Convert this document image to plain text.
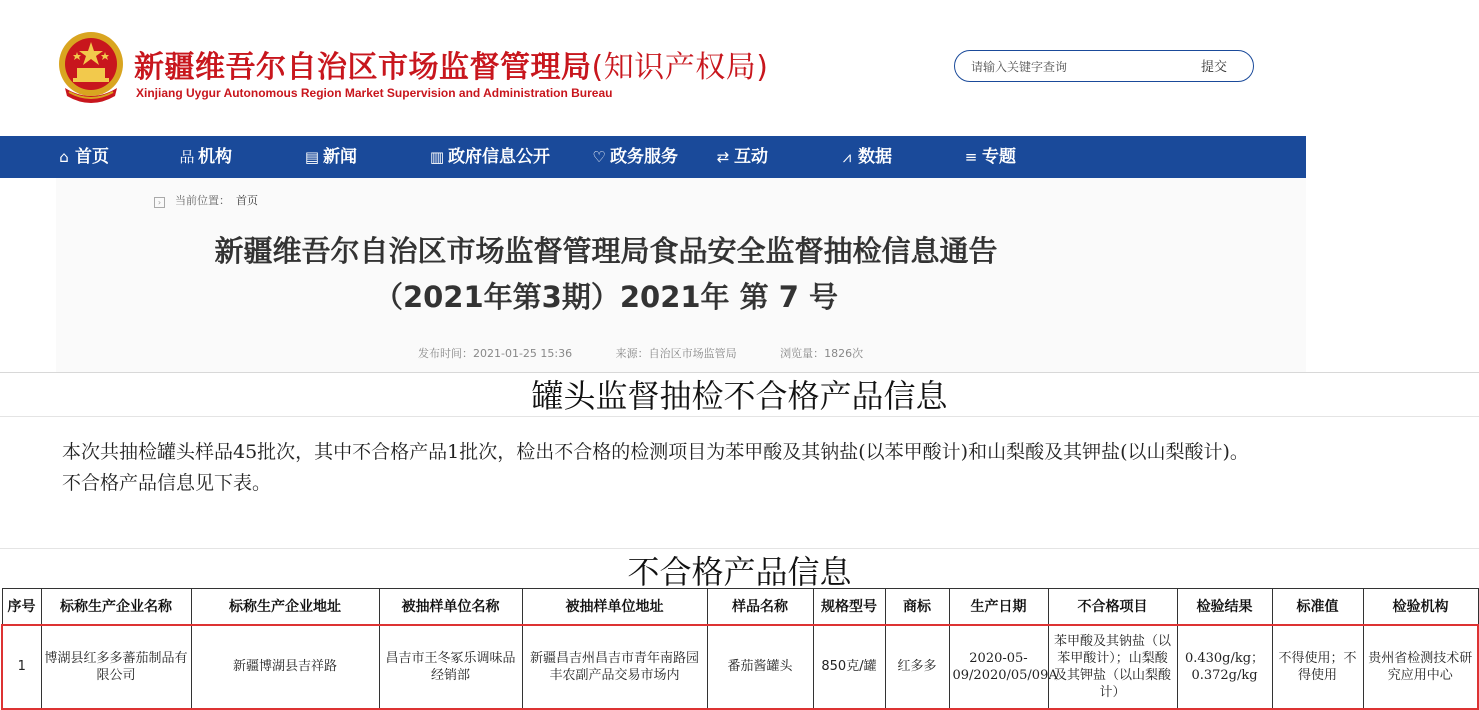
新疆维吾尔自治区市场监督管理局(知识产权局)
Xinjiang Uygur Autonomous Region Market Supervision and Administration Bureau
请输入关键字查询
提交
⌂ 首页	品 机构	▤ 新闻	▥ 政府信息公开	♡ 政务服务	⇄ 互动	⩘ 数据	≡ 专题
› 当前位置： 首页
新疆维吾尔自治区市场监督管理局食品安全监督抽检信息通告
（2021年第3期）2021年 第 7 号
发布时间：2021-01-25 15:36	来源：自治区市场监管局	浏览量：1826次
罐头监督抽检不合格产品信息

本次共抽检罐头样品45批次，其中不合格产品1批次，检出不合格的检测项目为苯甲酸及其钠盐(以苯甲酸计)和山梨酸及其钾盐(以山梨酸计)。

不合格产品信息见下表。

不合格产品信息
序号	标称生产企业名称	标称生产企业地址	被抽样单位名称	被抽样单位地址	样品名称	规格型号	商标	生产日期	不合格项目	检验结果	标准值	检验机构
1	博湖县红多多蕃茄制品有限公司	新疆博湖县吉祥路	昌吉市王冬冢乐调味品经销部	新疆昌吉州昌吉市青年南路园丰农副产品交易市场内	番茄酱罐头	850克/罐	红多多	2020-05-09/2020/05/09A	苯甲酸及其钠盐（以苯甲酸计）；山梨酸及其钾盐（以山梨酸计）	0.430g/kg；0.372g/kg	不得使用；不得使用	贵州省检测技术研究应用中心
